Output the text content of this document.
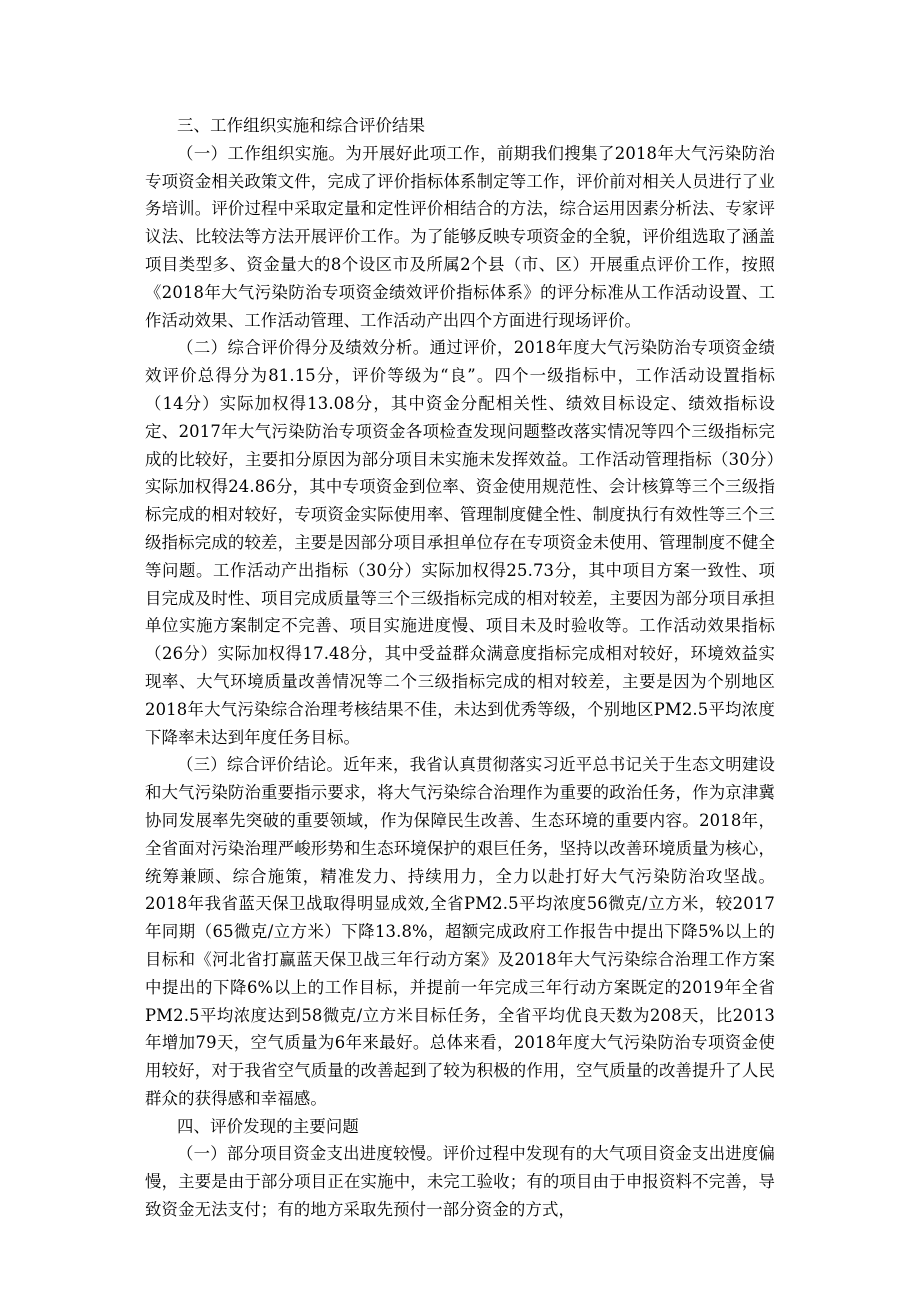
三、工作组织实施和综合评价结果

（一）工作组织实施。为开展好此项工作，前期我们搜集了2018年大气污染防治专项资金相关政策文件，完成了评价指标体系制定等工作，评价前对相关人员进行了业务培训。评价过程中采取定量和定性评价相结合的方法，综合运用因素分析法、专家评议法、比较法等方法开展评价工作。为了能够反映专项资金的全貌，评价组选取了涵盖项目类型多、资金量大的8个设区市及所属2个县（市、区）开展重点评价工作，按照《2018年大气污染防治专项资金绩效评价指标体系》的评分标准从工作活动设置、工作活动效果、工作活动管理、工作活动产出四个方面进行现场评价。

（二）综合评价得分及绩效分析。通过评价，2018年度大气污染防治专项资金绩效评价总得分为81.15分，评价等级为“良”。四个一级指标中，工作活动设置指标（14分）实际加权得13.08分，其中资金分配相关性、绩效目标设定、绩效指标设定、2017年大气污染防治专项资金各项检查发现问题整改落实情况等四个三级指标完成的比较好，主要扣分原因为部分项目未实施未发挥效益。工作活动管理指标（30分）实际加权得24.86分，其中专项资金到位率、资金使用规范性、会计核算等三个三级指标完成的相对较好，专项资金实际使用率、管理制度健全性、制度执行有效性等三个三级指标完成的较差，主要是因部分项目承担单位存在专项资金未使用、管理制度不健全等问题。工作活动产出指标（30分）实际加权得25.73分，其中项目方案一致性、项目完成及时性、项目完成质量等三个三级指标完成的相对较差，主要因为部分项目承担单位实施方案制定不完善、项目实施进度慢、项目未及时验收等。工作活动效果指标（26分）实际加权得17.48分，其中受益群众满意度指标完成相对较好，环境效益实现率、大气环境质量改善情况等二个三级指标完成的相对较差，主要是因为个别地区2018年大气污染综合治理考核结果不佳，未达到优秀等级，个别地区PM2.5平均浓度下降率未达到年度任务目标。

（三）综合评价结论。近年来，我省认真贯彻落实习近平总书记关于生态文明建设和大气污染防治重要指示要求，将大气污染综合治理作为重要的政治任务，作为京津冀协同发展率先突破的重要领域，作为保障民生改善、生态环境的重要内容。2018年，全省面对污染治理严峻形势和生态环境保护的艰巨任务，坚持以改善环境质量为核心，统筹兼顾、综合施策，精准发力、持续用力，全力以赴打好大气污染防治攻坚战。2018年我省蓝天保卫战取得明显成效,全省PM2.5平均浓度56微克/立方米，较2017年同期（65微克/立方米）下降13.8%，超额完成政府工作报告中提出下降5%以上的目标和《河北省打赢蓝天保卫战三年行动方案》及2018年大气污染综合治理工作方案中提出的下降6%以上的工作目标，并提前一年完成三年行动方案既定的2019年全省PM2.5平均浓度达到58微克/立方米目标任务，全省平均优良天数为208天，比2013年增加79天，空气质量为6年来最好。总体来看，2018年度大气污染防治专项资金使用较好，对于我省空气质量的改善起到了较为积极的作用，空气质量的改善提升了人民群众的获得感和幸福感。

四、评价发现的主要问题

（一）部分项目资金支出进度较慢。评价过程中发现有的大气项目资金支出进度偏慢，主要是由于部分项目正在实施中，未完工验收；有的项目由于申报资料不完善，导致资金无法支付；有的地方采取先预付一部分资金的方式，
